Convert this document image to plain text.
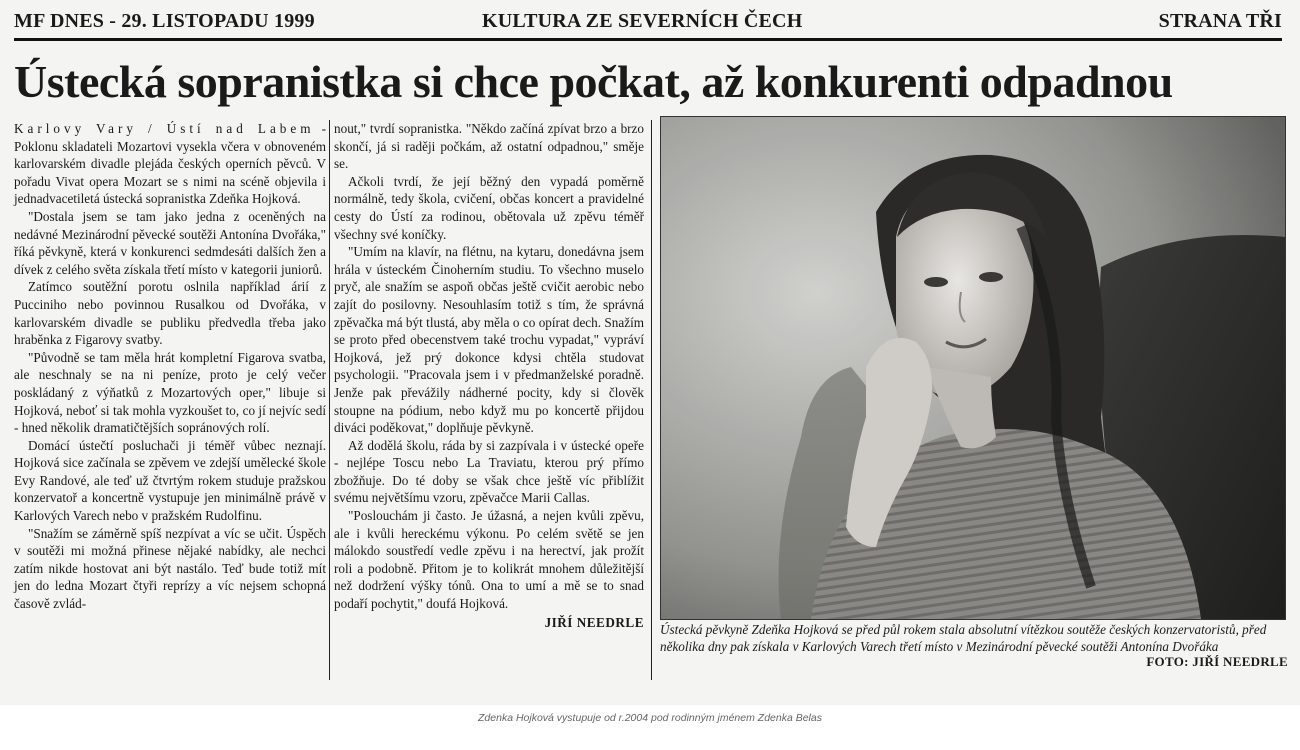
MF DNES - 29. LISTOPADU 1999	KULTURA ZE SEVERNÍCH ČECH	STRANA TŘI
Ústecká sopranistka si chce počkat, až konkurenti odpadnou

Karlovy Vary / Ústí nad Labem - Poklonu skladateli Mozartovi vysekla včera v obnoveném karlovarském divadle plejáda českých operních pěvců. V pořadu Vivat opera Mozart se s nimi na scéně objevila i jednadvacetiletá ústecká sopranistka Zdeňka Hojková.

"Dostala jsem se tam jako jedna z oceněných na nedávné Mezinárodní pěvecké soutěži Antonína Dvořáka," říká pěvkyně, která v konkurenci sedmdesáti dalších žen a dívek z celého světa získala třetí místo v kategorii juniorů.

Zatímco soutěžní porotu oslnila například árií z Pucciniho nebo povinnou Rusalkou od Dvořáka, v karlovarském divadle se publiku předvedla třeba jako hraběnka z Figarovy svatby.

"Původně se tam měla hrát kompletní Figarova svatba, ale neschnaly se na ni peníze, proto je celý večer poskládaný z výňatků z Mozartových oper," libuje si Hojková, neboť si tak mohla vyzkoušet to, co jí nejvíc sedí - hned několik dramatičtějších sopránových rolí.

Domácí ústečtí posluchači ji téměř vůbec neznají. Hojková sice začínala se zpěvem ve zdejší umělecké škole Evy Randové, ale teď už čtvrtým rokem studuje pražskou konzervatoř a koncertně vystupuje jen minimálně právě v Karlových Varech nebo v pražském Rudolfinu.

"Snažím se záměrně spíš nezpívat a víc se učit. Úspěch v soutěži mi možná přinese nějaké nabídky, ale nechci zatím nikde hostovat ani být nastálo. Teď bude totiž mít jen do ledna Mozart čtyři reprízy a víc nejsem schopná časově zvlád-

nout," tvrdí sopranistka. "Někdo začíná zpívat brzo a brzo skončí, já si raději počkám, až ostatní odpadnou," směje se.

Ačkoli tvrdí, že její běžný den vypadá poměrně normálně, tedy škola, cvičení, občas koncert a pravidelné cesty do Ústí za rodinou, obětovala už zpěvu téměř všechny své koníčky.

"Umím na klavír, na flétnu, na kytaru, donedávna jsem hrála v ústeckém Činoherním studiu. To všechno muselo pryč, ale snažím se aspoň občas ještě cvičit aerobic nebo zajít do posilovny. Nesouhlasím totiž s tím, že správná zpěvačka má být tlustá, aby měla o co opírat dech. Snažím se proto před obecenstvem také trochu vypadat," vypráví Hojková, jež prý dokonce kdysi chtěla studovat psychologii. "Pracovala jsem i v předmanželské poradně. Jenže pak převážily nádherné pocity, kdy si člověk stoupne na pódium, nebo když mu po koncertě přijdou diváci poděkovat," doplňuje pěvkyně.

Až dodělá školu, ráda by si zazpívala i v ústecké opeře - nejlépe Toscu nebo La Traviatu, kterou prý přímo zbožňuje. Do té doby se však chce ještě víc přiblížit svému největšímu vzoru, zpěvačce Marii Callas.

"Poslouchám ji často. Je úžasná, a nejen kvůli zpěvu, ale i kvůli hereckému výkonu. Po celém světě se jen málokdo soustředí vedle zpěvu i na herectví, jak prožít roli a podobně. Přitom je to kolikrát mnohem důležitější než dodržení výšky tónů. Ona to umí a mě se to snad podaří pochytit," doufá Hojková.

JIŘÍ NEEDRLE Ústecká pěvkyně Zdeňka Hojková se před půl rokem stala absolutní vítězkou soutěže českých konzervatoristů, před několika dny pak získala v Karlových Varech třetí místo v Mezinárodní pěvecké soutěži Antonína Dvořáka
FOTO: JIŘÍ NEEDRLE
Zdenka Hojková vystupuje od r.2004 pod rodinným jménem Zdenka Belas
